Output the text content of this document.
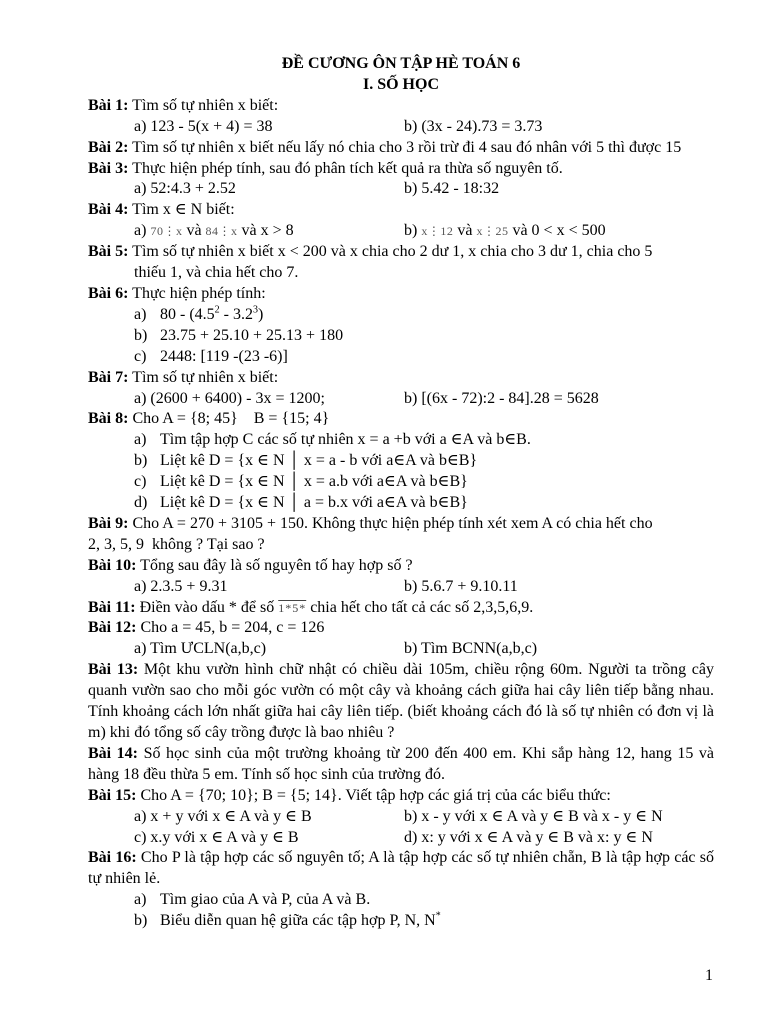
ĐỀ CƯƠNG ÔN TẬP HÈ TOÁN 6

I. SỐ HỌC

Bài 1: Tìm số tự nhiên x biết:

a) 123 - 5(x + 4) = 38	b) (3x - 24).73 = 3.73

Bài 2: Tìm số tự nhiên x biết nếu lấy nó chia cho 3 rồi trừ đi 4 sau đó nhân với 5 thì được 15

Bài 3: Thực hiện phép tính, sau đó phân tích kết quả ra thừa số nguyên tố.

a) 52:4.3 + 2.52	b) 5.42 - 18:32

Bài 4: Tìm x ∈ N biết:

a) 70⋮x và 84⋮x và x > 8	b) x⋮12 và x⋮25 và 0 < x < 500

Bài 5: Tìm số tự nhiên x biết x < 200 và x chia cho 2 dư 1, x chia cho 3 dư 1, chia cho 5

thiếu 1, và chia hết cho 7.

Bài 6: Thực hiện phép tính:

a) $80 - (4.5^2 - 3.2^3)$
b) 23.75 + 25.10 + 25.13 + 180
c) 2448: [119 -(23 -6)]

Bài 7: Tìm số tự nhiên x biết:

a) (2600 + 6400) - 3x = 1200;	b) [(6x - 72):2 - 84].28 = 5628

Bài 8: Cho A = {8; 45}    B = {15; 4}

a) Tìm tập hợp C các số tự nhiên x = a +b với a ∈A và b∈B.
b) Liệt kê D = {x ∈ N │ x = a - b với a∈A và b∈B}
c) Liệt kê D = {x ∈ N │ x = a.b với a∈A và b∈B}
d) Liệt kê D = {x ∈ N │ a = b.x với a∈A và b∈B}

Bài 9: Cho A = 270 + 3105 + 150. Không thực hiện phép tính xét xem A có chia hết cho

2, 3, 5, 9  không ? Tại sao ?

Bài 10: Tổng sau đây là số nguyên tố hay hợp số ?

a) 2.3.5 + 9.31	b) 5.6.7 + 9.10.11

Bài 11: Điền vào dấu * để số 1*5* chia hết cho tất cả các số 2,3,5,6,9.

Bài 12: Cho a = 45, b = 204, c = 126

a) Tìm ƯCLN(a,b,c)	b) Tìm BCNN(a,b,c)

Bài 13: Một khu vườn hình chữ nhật có chiều dài 105m, chiều rộng 60m. Người ta trồng cây quanh vườn sao cho mỗi góc vườn có một cây và khoảng cách giữa hai cây liên tiếp bằng nhau. Tính khoảng cách lớn nhất giữa hai cây liên tiếp. (biết khoảng cách đó là số tự nhiên có đơn vị là m) khi đó tổng số cây trồng được là bao nhiêu ?

Bài 14: Số học sinh của một trường khoảng từ 200 đến 400 em. Khi sắp hàng 12, hang 15 và hàng 18 đều thừa 5 em. Tính số học sinh của trường đó.

Bài 15: Cho A = {70; 10}; B = {5; 14}. Viết tập hợp các giá trị của các biểu thức:

a) x + y với x ∈ A và y ∈ B	b) x - y với x ∈ A và y ∈ B và x - y ∈ N
c) x.y với x ∈ A và y ∈ B	d) x: y với x ∈ A và y ∈ B và x: y ∈ N

Bài 16: Cho P là tập hợp các số nguyên tố; A là tập hợp các số tự nhiên chẵn, B là tập hợp các số tự nhiên lẻ.

a) Tìm giao của A và P, của A và B.
b) Biểu diễn quan hệ giữa các tập hợp P, N, N*
1
